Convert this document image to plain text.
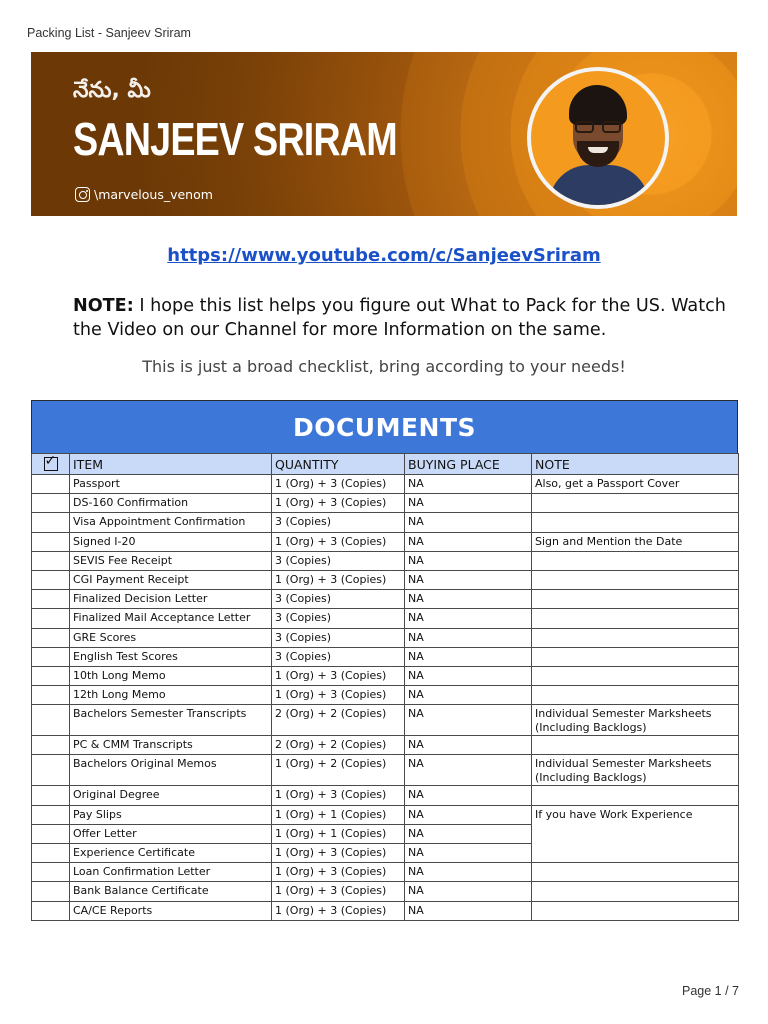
Packing List - Sanjeev Sriram
నేను, మీ
SANJEEV SRIRAM
\marvelous_venom
https://www.youtube.com/c/SanjeevSriram
NOTE: I hope this list helps you figure out What to Pack for the US. Watch the Video on our Channel for more Information on the same.
This is just a broad checklist, bring according to your needs!
DOCUMENTS
✓	ITEM	QUANTITY	BUYING PLACE	NOTE
	Passport	1 (Org) + 3 (Copies)	NA	Also, get a Passport Cover
	DS-160 Confirmation	1 (Org) + 3 (Copies)	NA	
	Visa Appointment Confirmation	3 (Copies)	NA	
	Signed I-20	1 (Org) + 3 (Copies)	NA	Sign and Mention the Date
	SEVIS Fee Receipt	3 (Copies)	NA	
	CGI Payment Receipt	1 (Org) + 3 (Copies)	NA	
	Finalized Decision Letter	3 (Copies)	NA	
	Finalized Mail Acceptance Letter	3 (Copies)	NA	
	GRE Scores	3 (Copies)	NA	
	English Test Scores	3 (Copies)	NA	
	10th Long Memo	1 (Org) + 3 (Copies)	NA	
	12th Long Memo	1 (Org) + 3 (Copies)	NA	
	Bachelors Semester Transcripts	2 (Org) + 2 (Copies)	NA	Individual Semester Marksheets (Including Backlogs)
	PC & CMM Transcripts	2 (Org) + 2 (Copies)	NA	
	Bachelors Original Memos	1 (Org) + 2 (Copies)	NA	Individual Semester Marksheets (Including Backlogs)
	Original Degree	1 (Org) + 3 (Copies)	NA	
	Pay Slips	1 (Org) + 1 (Copies)	NA	If you have Work Experience
	Offer Letter	1 (Org) + 1 (Copies)	NA	
	Experience Certificate	1 (Org) + 3 (Copies)	NA	
	Loan Confirmation Letter	1 (Org) + 3 (Copies)	NA	
	Bank Balance Certificate	1 (Org) + 3 (Copies)	NA	
	CA/CE Reports	1 (Org) + 3 (Copies)	NA	
Page 1 / 7
